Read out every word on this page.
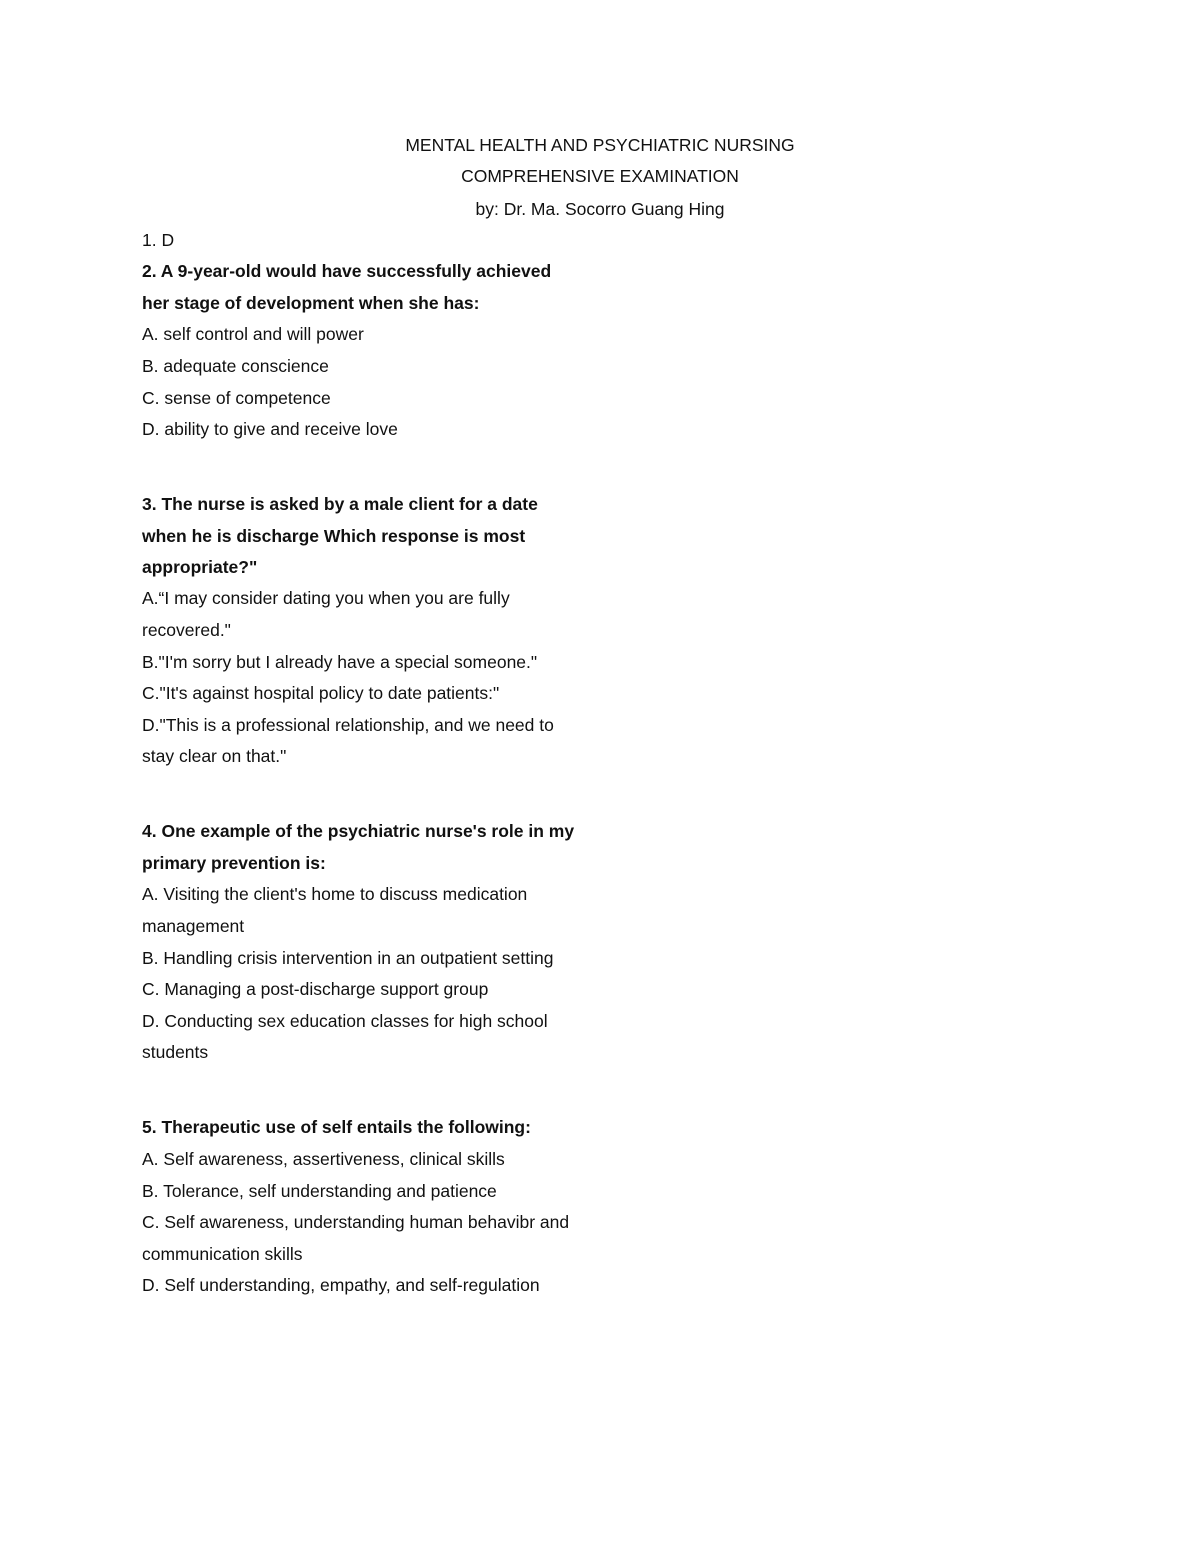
MENTAL HEALTH AND PSYCHIATRIC NURSING
COMPREHENSIVE EXAMINATION
by: Dr. Ma. Socorro Guang Hing
1. D
2. A 9-year-old would have successfully achieved
her stage of development when she has:
A. self control and will power
B. adequate conscience
C. sense of competence
D. ability to give and receive love
3. The nurse is asked by a male client for a date
when he is discharge Which response is most
appropriate?"
A.“I may consider dating you when you are fully
recovered."
B."I'm sorry but I already have a special someone."
C."It's against hospital policy to date patients:"
D."This is a professional relationship, and we need to
stay clear on that."
4. One example of the psychiatric nurse's role in my
primary prevention is:
A. Visiting the client's home to discuss medication
management
B. Handling crisis intervention in an outpatient setting
C. Managing a post-discharge support group
D. Conducting sex education classes for high school
students
5. Therapeutic use of self entails the following:
A. Self awareness, assertiveness, clinical skills
B. Tolerance, self understanding and patience
C. Self awareness, understanding human behavibr and
communication skills
D. Self understanding, empathy, and self-regulation
